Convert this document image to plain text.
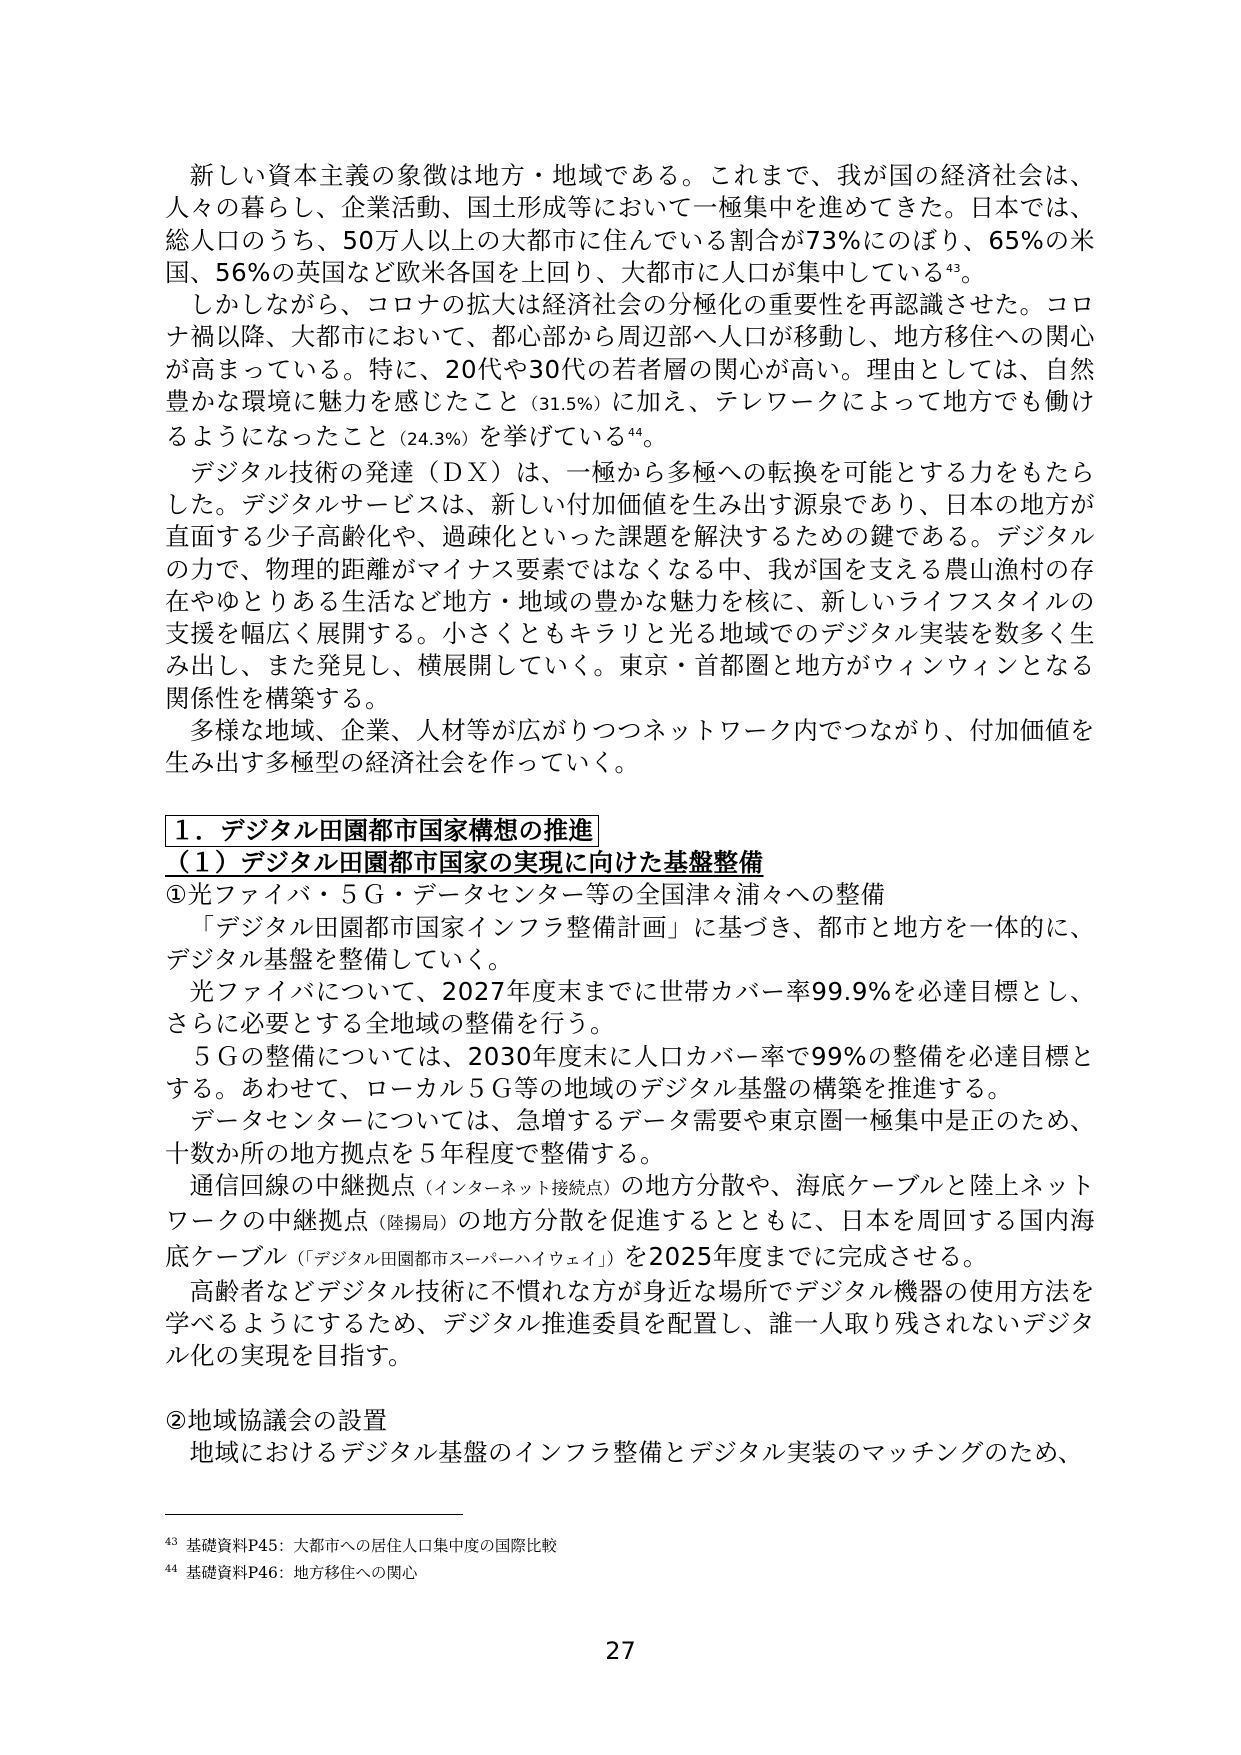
新しい資本主義の象徴は地方・地域である。これまで、我が国の経済社会は、人々の暮らし、企業活動、国土形成等において一極集中を進めてきた。日本では、総人口のうち、50万人以上の大都市に住んでいる割合が73%にのぼり、65%の米国、56%の英国など欧米各国を上回り、大都市に人口が集中している$^{43}$。

しかしながら、コロナの拡大は経済社会の分極化の重要性を再認識させた。コロナ禍以降、大都市において、都心部から周辺部へ人口が移動し、地方移住への関心が高まっている。特に、20代や30代の若者層の関心が高い。理由としては、自然豊かな環境に魅力を感じたこと（31.5%）に加え、テレワークによって地方でも働けるようになったこと（24.3%）を挙げている$^{44}$。

デジタル技術の発達（ＤＸ）は、一極から多極への転換を可能とする力をもたらした。デジタルサービスは、新しい付加価値を生み出す源泉であり、日本の地方が直面する少子高齢化や、過疎化といった課題を解決するための鍵である。デジタルの力で、物理的距離がマイナス要素ではなくなる中、我が国を支える農山漁村の存在やゆとりある生活など地方・地域の豊かな魅力を核に、新しいライフスタイルの支援を幅広く展開する。小さくともキラリと光る地域でのデジタル実装を数多く生み出し、また発見し、横展開していく。東京・首都圏と地方がウィンウィンとなる関係性を構築する。

多様な地域、企業、人材等が広がりつつネットワーク内でつながり、付加価値を生み出す多極型の経済社会を作っていく。

１．デジタル田園都市国家構想の推進

（１）デジタル田園都市国家の実現に向けた基盤整備

①光ファイバ・５Ｇ・データセンター等の全国津々浦々への整備

「デジタル田園都市国家インフラ整備計画」に基づき、都市と地方を一体的に、デジタル基盤を整備していく。

光ファイバについて、2027年度末までに世帯カバー率99.9%を必達目標とし、さらに必要とする全地域の整備を行う。

５Ｇの整備については、2030年度末に人口カバー率で99%の整備を必達目標とする。あわせて、ローカル５Ｇ等の地域のデジタル基盤の構築を推進する。

データセンターについては、急増するデータ需要や東京圏一極集中是正のため、十数か所の地方拠点を５年程度で整備する。

通信回線の中継拠点（インターネット接続点）の地方分散や、海底ケーブルと陸上ネットワークの中継拠点（陸揚局）の地方分散を促進するとともに、日本を周回する国内海底ケーブル（「デジタル田園都市スーパーハイウェイ」）を2025年度までに完成させる。

高齢者などデジタル技術に不慣れな方が身近な場所でデジタル機器の使用方法を学べるようにするため、デジタル推進委員を配置し、誰一人取り残されないデジタル化の実現を目指す。

②地域協議会の設置

地域におけるデジタル基盤のインフラ整備とデジタル実装のマッチングのため、

$^{43}$ 基礎資料P45：大都市への居住人口集中度の国際比較
$^{44}$ 基礎資料P46：地方移住への関心
27
